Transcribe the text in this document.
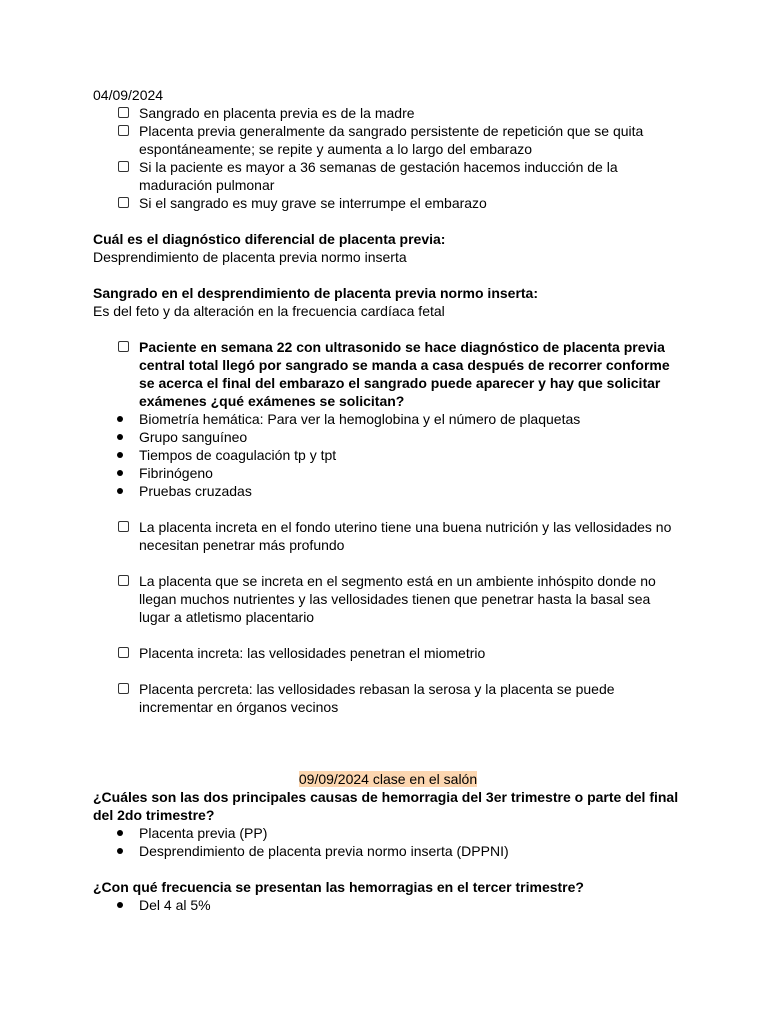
04/09/2024
Sangrado en placenta previa es de la madre
Placenta previa generalmente da sangrado persistente de repetición que se quita espontáneamente; se repite y aumenta a lo largo del embarazo
Si la paciente es mayor a 36 semanas de gestación hacemos inducción de la maduración pulmonar
Si el sangrado es muy grave se interrumpe el embarazo
Cuál es el diagnóstico diferencial de placenta previa:
Desprendimiento de placenta previa normo inserta
Sangrado en el desprendimiento de placenta previa normo inserta:
Es del feto y da alteración en la frecuencia cardíaca fetal
Paciente en semana 22 con ultrasonido se hace diagnóstico de placenta previa central total llegó por sangrado se manda a casa después de recorrer conforme se acerca el final del embarazo el sangrado puede aparecer y hay que solicitar exámenes ¿qué exámenes se solicitan?
Biometría hemática: Para ver la hemoglobina y el número de plaquetas
Grupo sanguíneo
Tiempos de coagulación tp y tpt
Fibrinógeno
Pruebas cruzadas
La placenta increta en el fondo uterino tiene una buena nutrición y las vellosidades no necesitan penetrar más profundo
La placenta que se increta en el segmento está en un ambiente inhóspito donde no llegan muchos nutrientes y las vellosidades tienen que penetrar hasta la basal sea lugar a atletismo placentario
Placenta increta: las vellosidades penetran el miometrio
Placenta percreta: las vellosidades rebasan la serosa y la placenta se puede incrementar en órganos vecinos
09/09/2024 clase en el salón
¿Cuáles son las dos principales causas de hemorragia del 3er trimestre o parte del final del 2do trimestre?
Placenta previa (PP)
Desprendimiento de placenta previa normo inserta (DPPNI)
¿Con qué frecuencia se presentan las hemorragias en el tercer trimestre?
Del 4 al 5%
